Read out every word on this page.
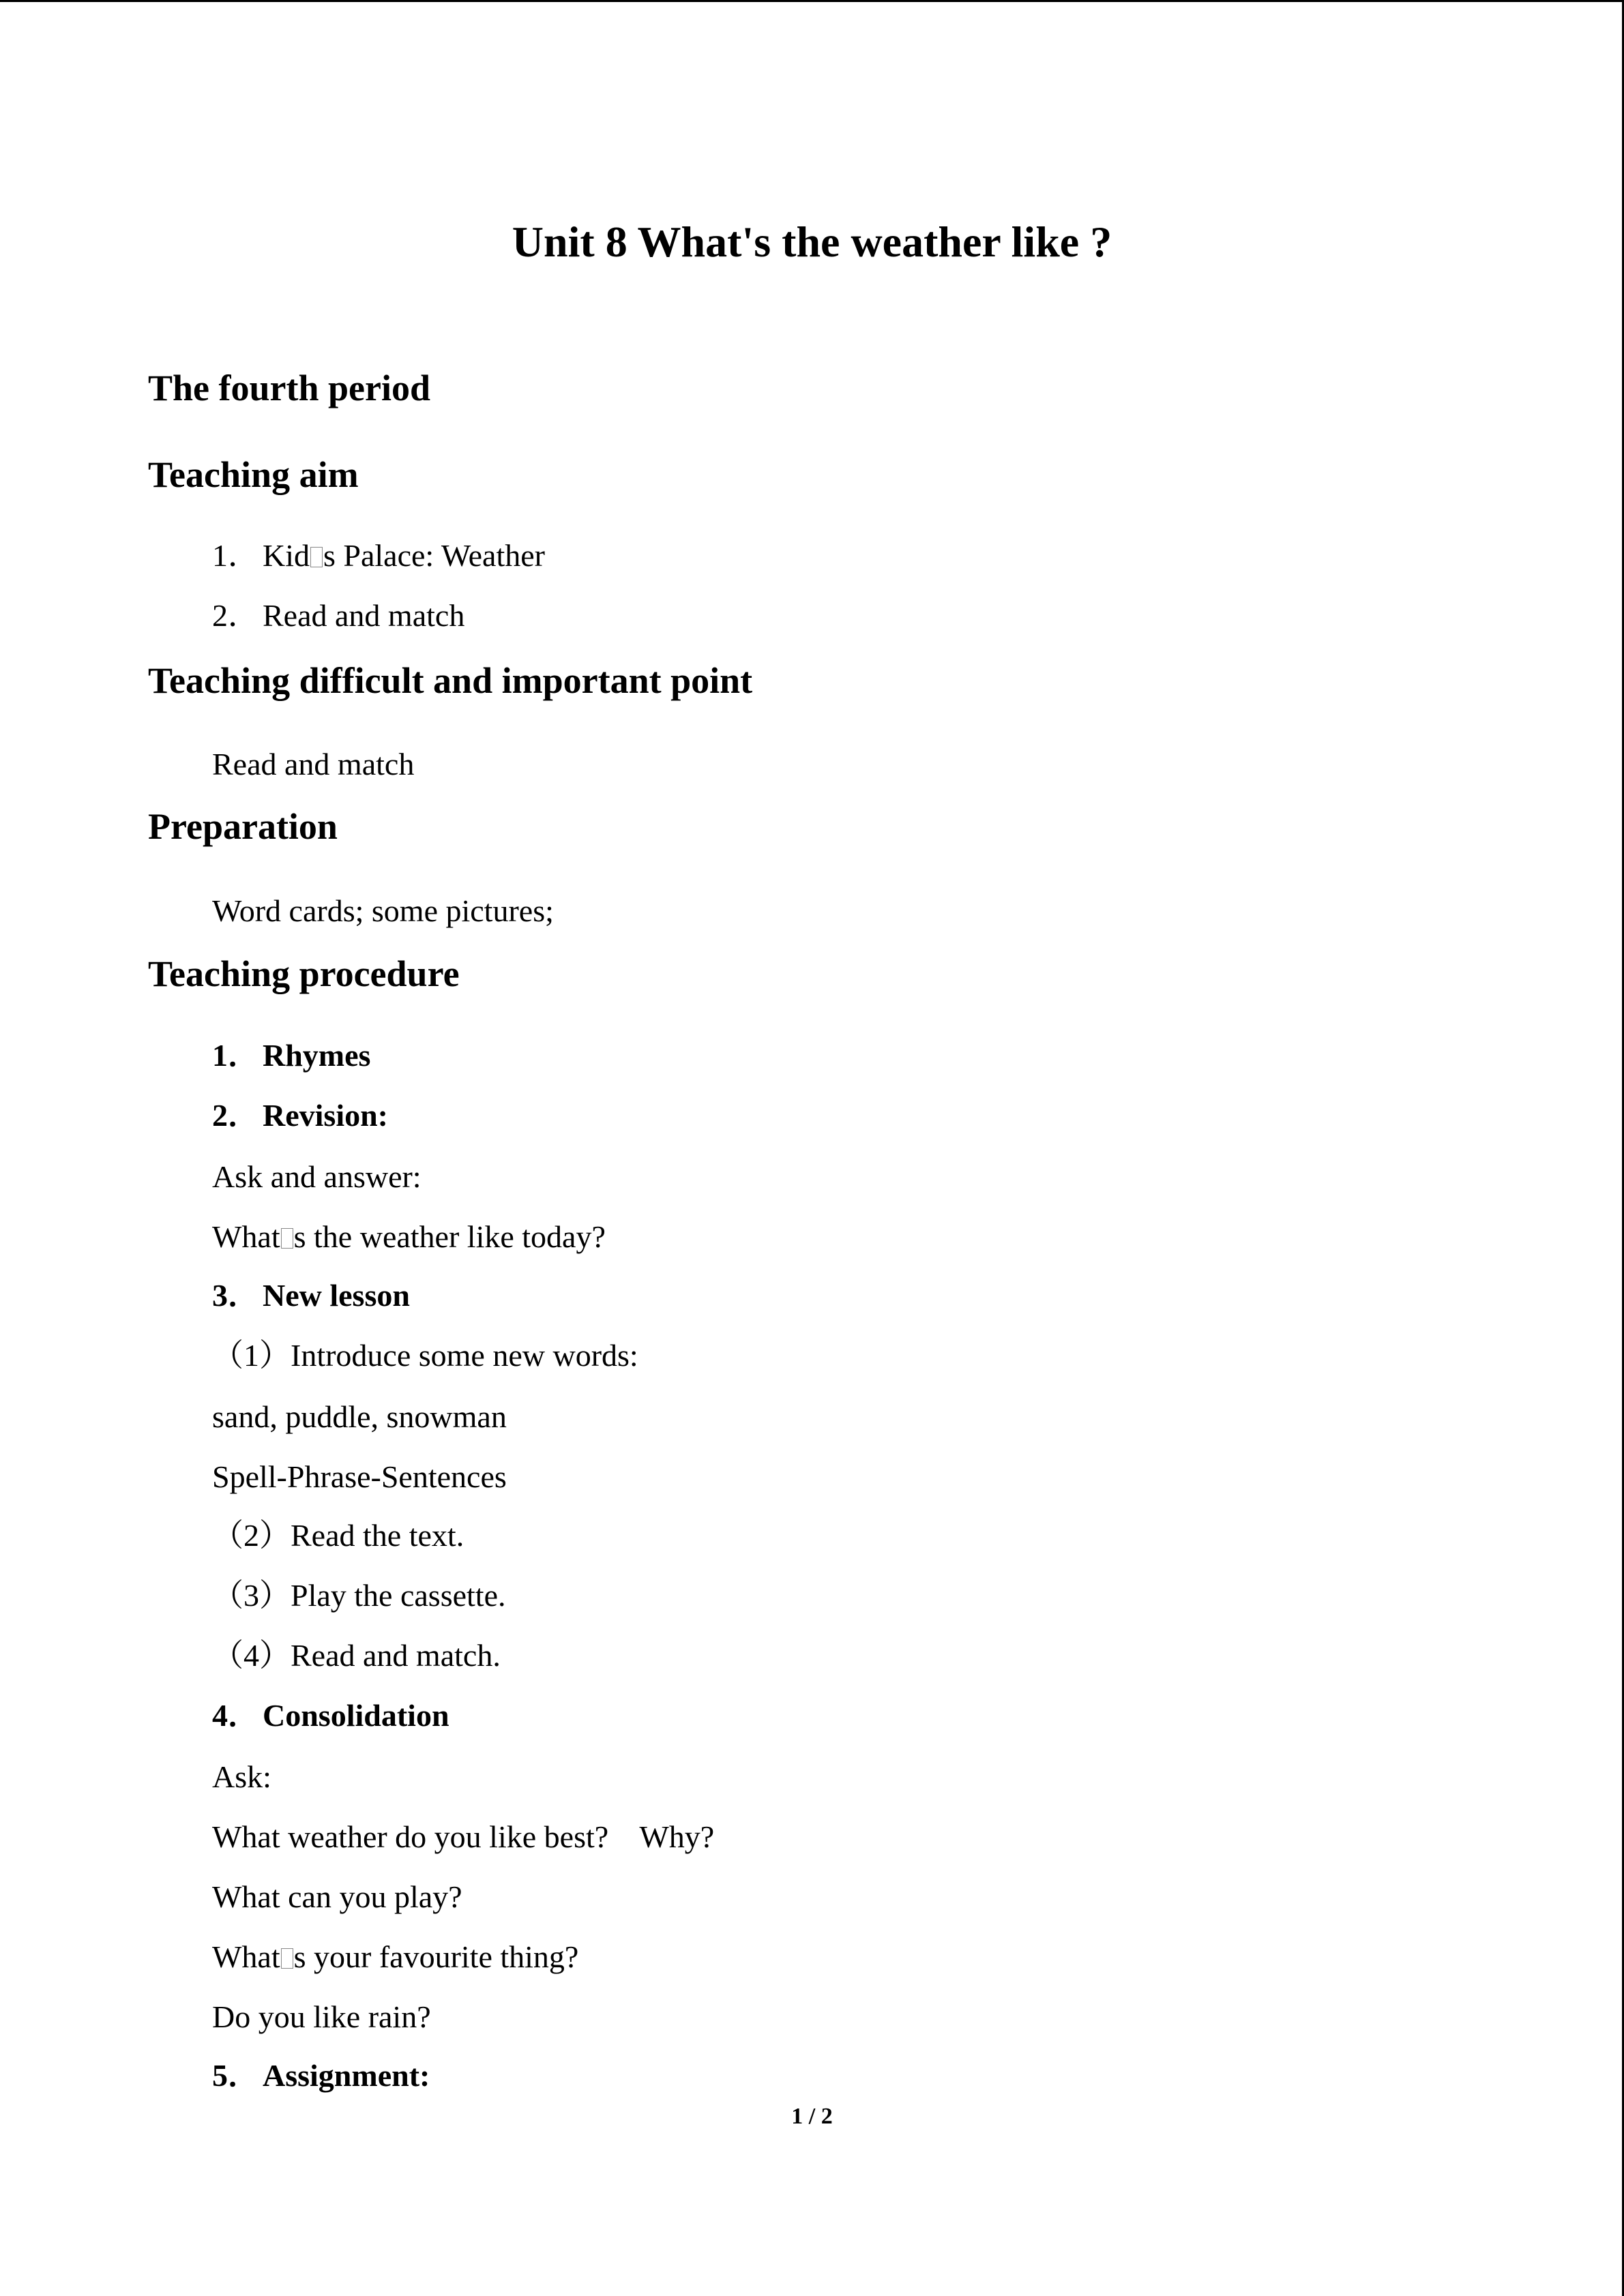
Unit 8 What's the weather like ?
The fourth period
Teaching aim
1． Kid s Palace: Weather
2． Read and match
Teaching difficult and important point
Read and match
Preparation
Word cards; some pictures;
Teaching procedure
1． Rhymes
2． Revision:
Ask and answer:
What s the weather like today?
3． New lesson
（1）Introduce some new words:
sand, puddle, snowman
Spell-Phrase-Sentences
（2）Read the text.
（3）Play the cassette.
（4）Read and match.
4． Consolidation
Ask:
What weather do you like best?    Why?
What can you play?
What s your favourite thing?
Do you like rain?
5． Assignment:
1 / 2
